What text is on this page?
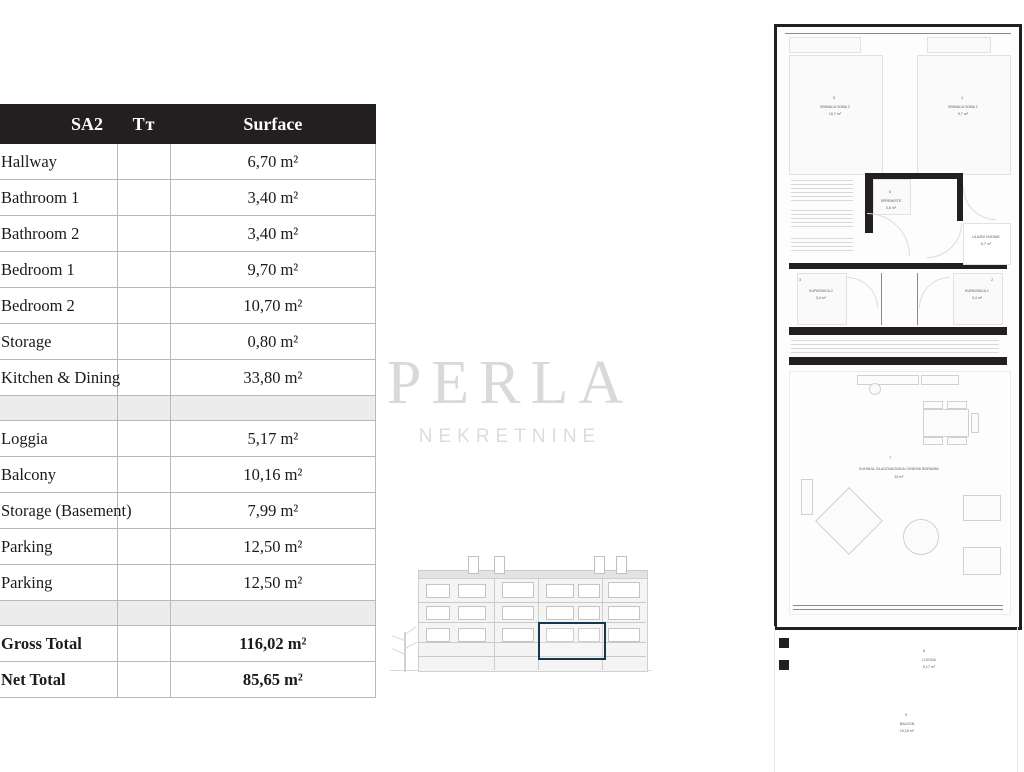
PERLA
NEKRETNINE
SA2	Tт	Surface
Hallway		6,70 m²
Bathroom 1		3,40 m²
Bathroom 2		3,40 m²
Bedroom 1		9,70 m²
Bedroom 2		10,70 m²
Storage		0,80 m²
Kitchen & Dining		33,80 m²

Loggia		5,17 m²
Balcony		10,16 m²
Storage (Basement)		7,99 m²
Parking		12,50 m²
Parking		12,50 m²

Gross Total		116,02 m²
Net Total		85,65 m²
5
SPAVACA SOBA 2
10,7 m²
4
SPAVACA SOBA 1
9,7 m²
6
SPREMISTE
0,8 m²
ULAZNI HODNIK
6,7 m²
3
KUPAONICA 2
3,4 m²
2
KUPAONICA 1
3,4 m²
7
KUHINJA, BLAGOVAONICA I DNEVNI BORAVAK
33 m²
8
LOGGIA
5,17 m²
9
BALKON
10,16 m²
